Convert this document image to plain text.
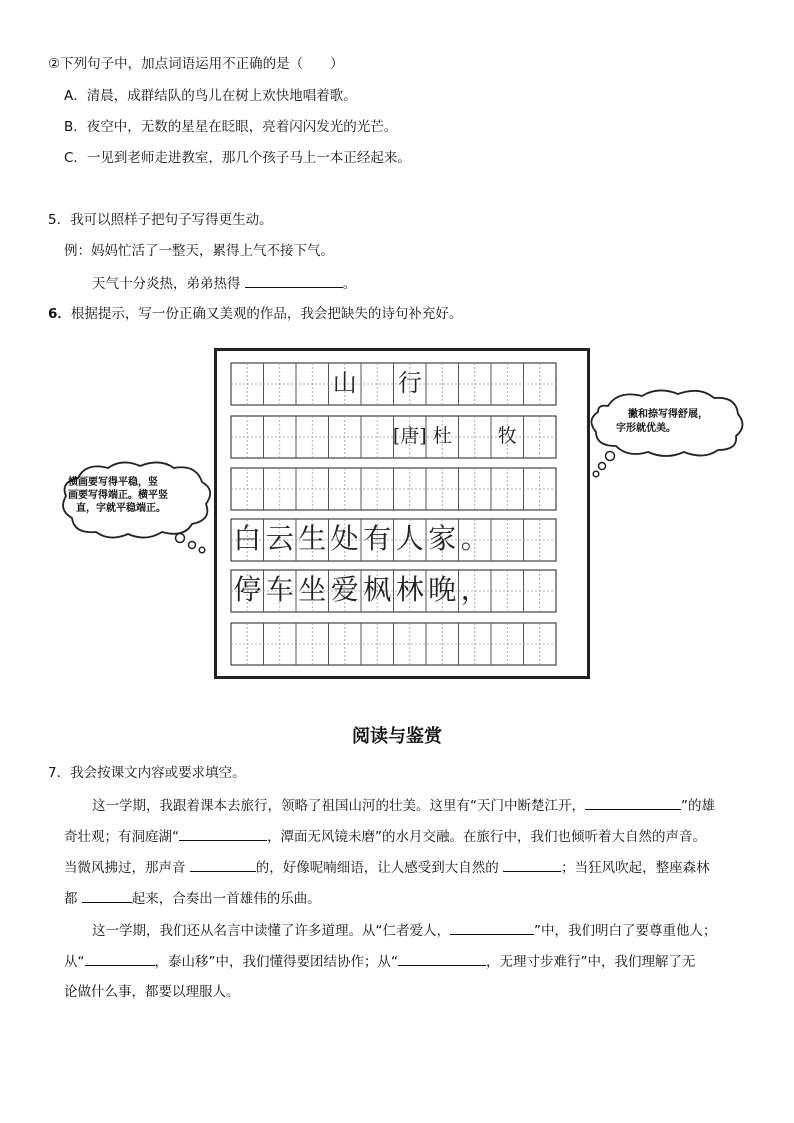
②下列句子中，加点词语运用不正确的是（　　）
A．清晨，成群结队的鸟儿在树上欢快地唱着歌。
B．夜空中，无数的星星在眨眼，亮着闪闪发光的光芒。
C．一见到老师走进教室，那几个孩子马上一本正经起来。
5．我可以照样子把句子写得更生动。
例：妈妈忙活了一整天，累得上气不接下气。
天气十分炎热，弟弟热得	。
6．根据提示，写一份正确又美观的作品，我会把缺失的诗句补充好。
横画要写得平稳，竖
画要写得端正。横平竖
直，字就平稳端正。
撇和捺写得舒展，
字形就优美。
山 行
[唐] 杜	牧
白 云 生 处 有 人 家 。
停 车 坐 爱 枫 林 晚 ，
阅读与鉴赏
7．我会按课文内容或要求填空。
这一学期，我跟着课本去旅行，领略了祖国山河的壮美。这里有“天门中断楚江开，	”的雄
奇壮观；有洞庭湖“	，潭面无风镜未磨”的水月交融。在旅行中，我们也倾听着大自然的声音。
当微风拂过，那声音	的，好像呢喃细语，让人感受到大自然的	；当狂风吹起，整座森林
都	起来，合奏出一首雄伟的乐曲。
这一学期，我们还从名言中读懂了许多道理。从“仁者爱人，	”中，我们明白了要尊重他人；
从“	，泰山移”中，我们懂得要团结协作；从“	，无理寸步难行”中，我们理解了无
论做什么事，都要以理服人。
